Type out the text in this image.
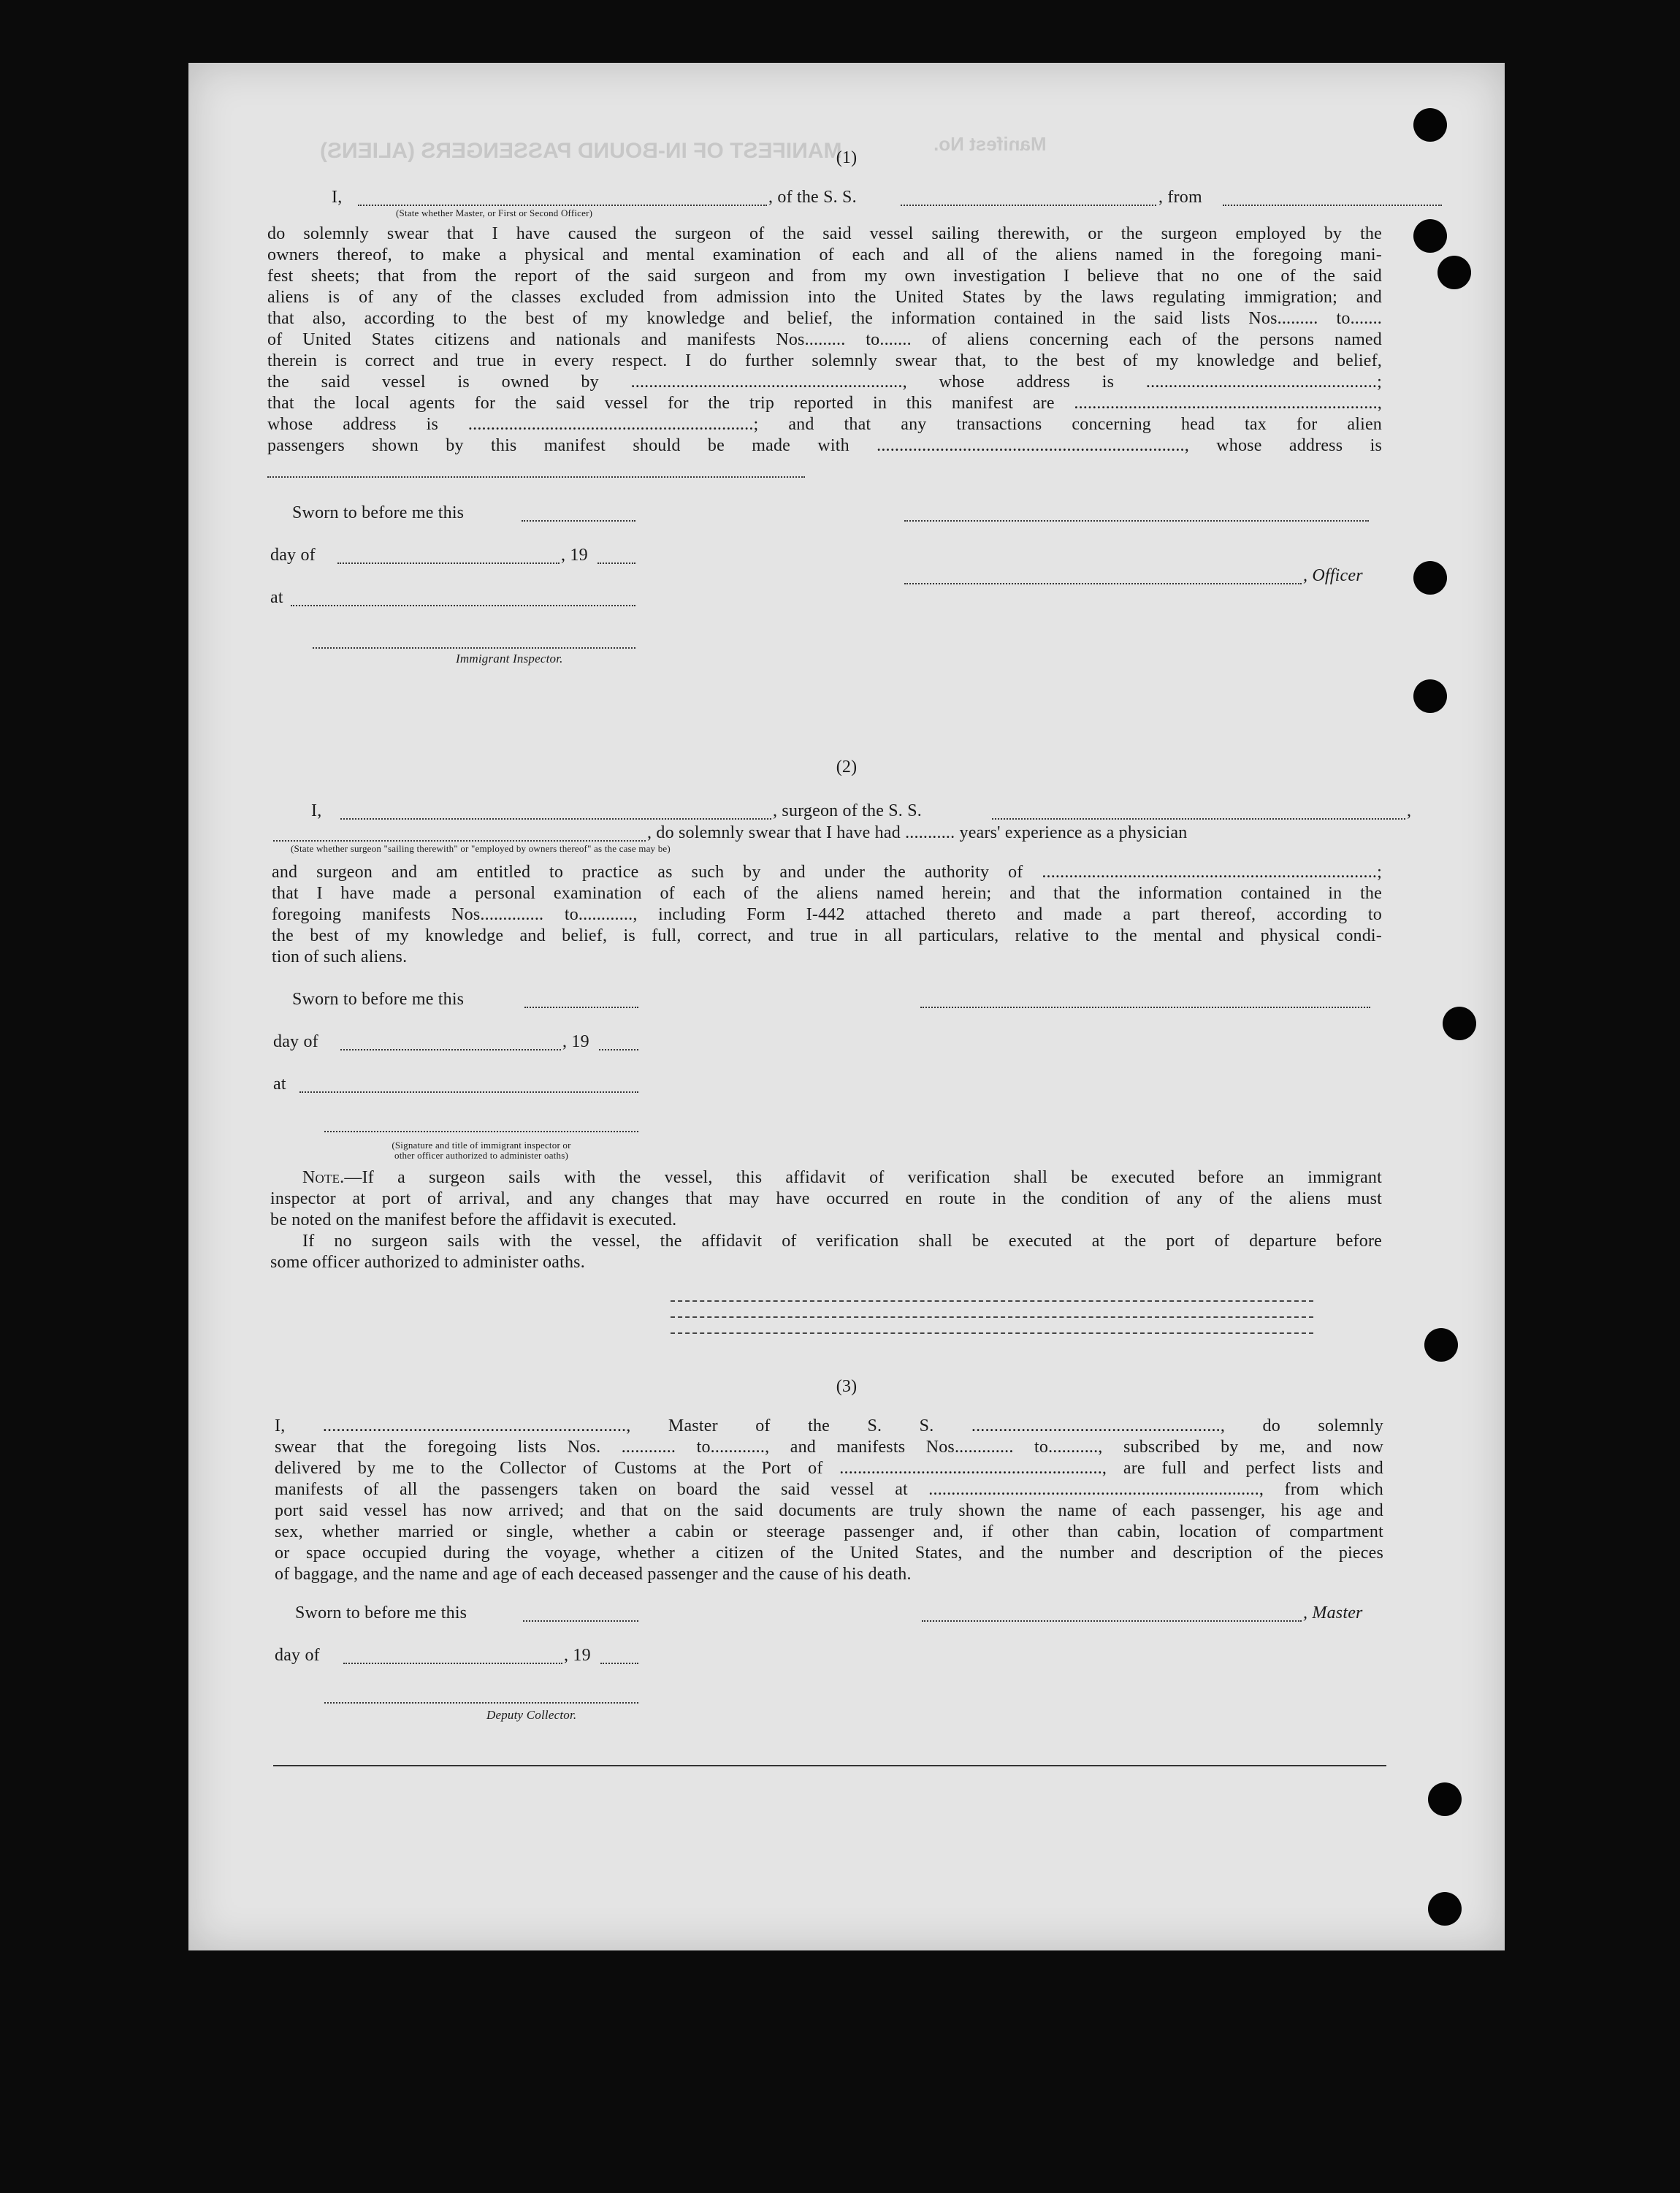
Manifest No.
MANIFEST OF IN-BOUND PASSENGERS (ALIENS)
(1)
I,	, of the S. S.	, from
(State whether Master, or First or Second Officer)
do solemnly swear that I have caused the surgeon of the said vessel sailing therewith, or the surgeon employed by the
owners thereof, to make a physical and mental examination of each and all of the aliens named in the foregoing mani-
fest sheets; that from the report of the said surgeon and from my own investigation I believe that no one of the said
aliens is of any of the classes excluded from admission into the United States by the laws regulating immigration; and
that also, according to the best of my knowledge and belief, the information contained in the said lists Nos......... to.......
of United States citizens and nationals and manifests Nos......... to....... of aliens concerning each of the persons named
therein is correct and true in every respect. I do further solemnly swear that, to the best of my knowledge and belief,
the said vessel is owned by ............................................................, whose address is ...................................................;
that the local agents for the said vessel for the trip reported in this manifest are ...................................................................,
whose address is ...............................................................; and that any transactions concerning head tax for alien
passengers shown by this manifest should be made with ...................................................................., whose address is
Sworn to before me this
day of	, 19
at
Immigrant Inspector.
, Officer
(2)
I,	, surgeon of the S. S.	,
, do solemnly swear that I have had ........... years' experience as a physician
(State whether surgeon "sailing therewith" or "employed by owners thereof" as the case may be)
and surgeon and am entitled to practice as such by and under the authority of ..........................................................................;
that I have made a personal examination of each of the aliens named herein; and that the information contained in the
foregoing manifests Nos.............. to............, including Form I-442 attached thereto and made a part thereof, according to
the best of my knowledge and belief, is full, correct, and true in all particulars, relative to the mental and physical condi-
tion of such aliens.
Sworn to before me this
day of	, 19
at
(Signature and title of immigrant inspector or
other officer authorized to administer oaths)
Note.—If a surgeon sails with the vessel, this affidavit of verification shall be executed before an immigrant
inspector at port of arrival, and any changes that may have occurred en route in the condition of any of the aliens must
be noted on the manifest before the affidavit is executed.
If no surgeon sails with the vessel, the affidavit of verification shall be executed at the port of departure before
some officer authorized to administer oaths.
(3)
I, ..................................................................., Master of the S. S. ......................................................., do solemnly
swear that the foregoing lists Nos. ............ to............, and manifests Nos............. to..........., subscribed by me, and now
delivered by me to the Collector of Customs at the Port of .........................................................., are full and perfect lists and
manifests of all the passengers taken on board the said vessel at ........................................................................., from which
port said vessel has now arrived; and that on the said documents are truly shown the name of each passenger, his age and
sex, whether married or single, whether a cabin or steerage passenger and, if other than cabin, location of compartment
or space occupied during the voyage, whether a citizen of the United States, and the number and description of the pieces
of baggage, and the name and age of each deceased passenger and the cause of his death.
Sworn to before me this
day of	, 19
Deputy Collector.
, Master
